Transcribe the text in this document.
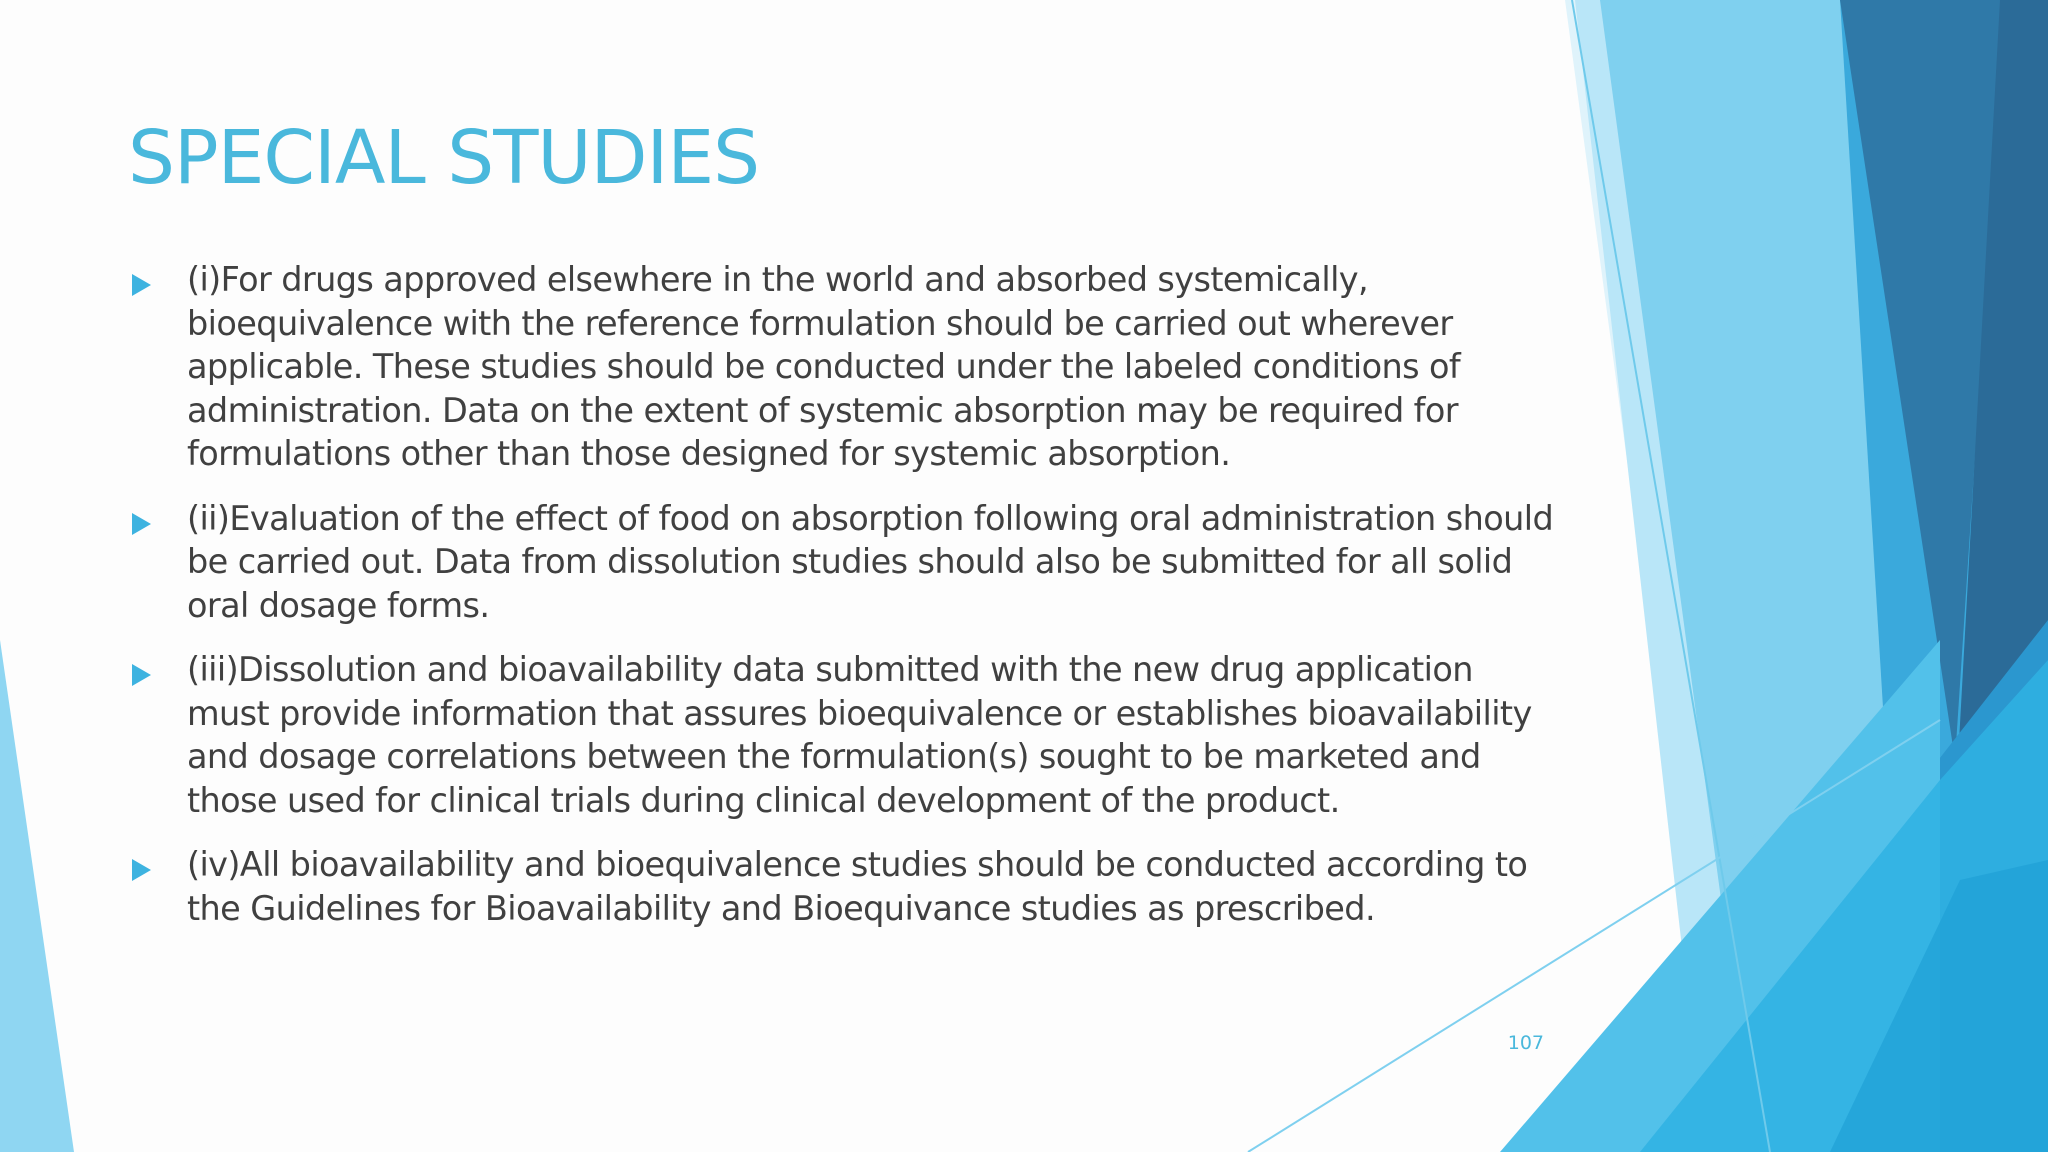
SPECIAL STUDIES
(i)For drugs approved elsewhere in the world and absorbed systemically, bioequivalence with the reference formulation should be carried out wherever applicable. These studies should be conducted under the labeled conditions of administration. Data on the extent of systemic absorption may be required for formulations other than those designed for systemic absorption.
(ii)Evaluation of the effect of food on absorption following oral administration should be carried out. Data from dissolution studies should also be submitted for all solid oral dosage forms.
(iii)Dissolution and bioavailability data submitted with the new drug application must provide information that assures bioequivalence or establishes bioavailability and dosage correlations between the formulation(s) sought to be marketed and those used for clinical trials during clinical development of the product.
(iv)All bioavailability and bioequivalence studies should be conducted according to the Guidelines for Bioavailability and Bioequivance studies as prescribed.
107
